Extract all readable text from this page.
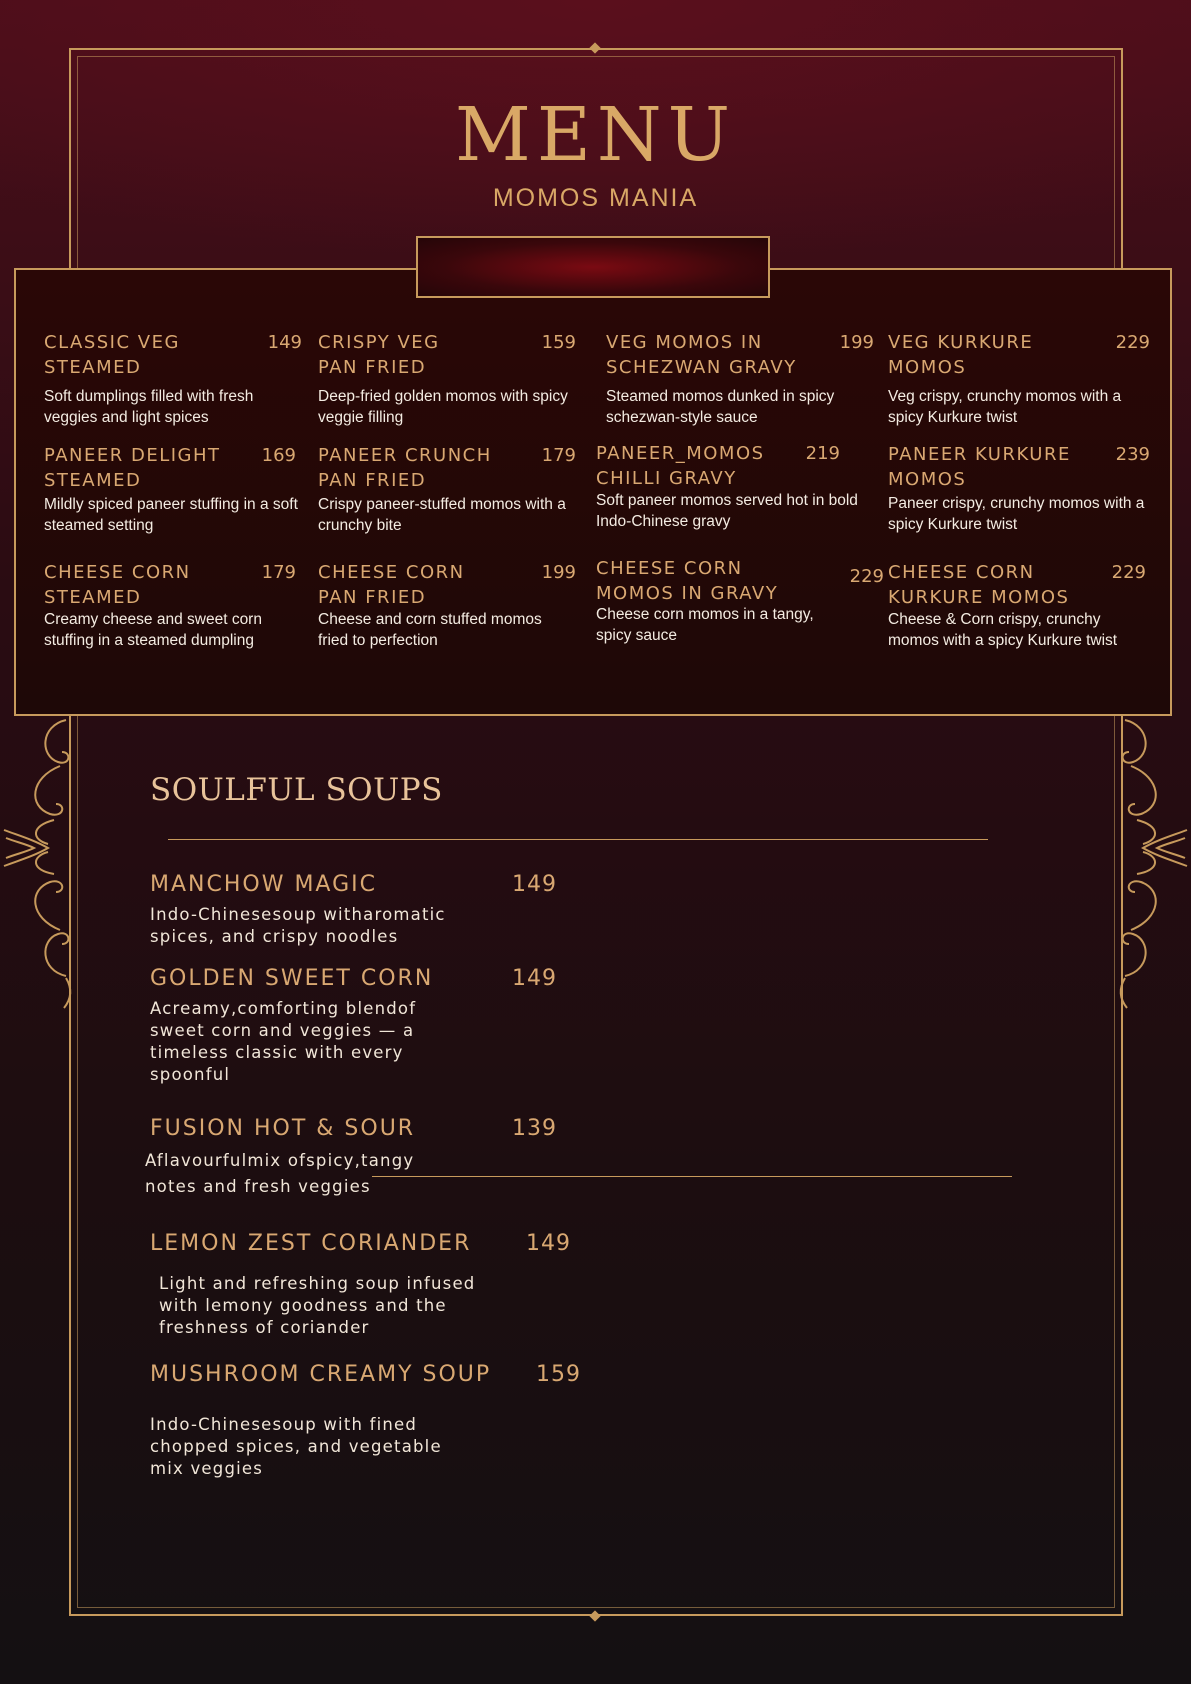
MENU
MOMOS MANIA
CLASSIC VEG
STEAMED
149
Soft dumplings filled with fresh veggies and light spices
CRISPY VEG
PAN FRIED
159
Deep-fried golden momos with spicy veggie filling
VEG MOMOS IN
SCHEZWAN GRAVY
199
Steamed momos dunked in spicy schezwan-style sauce
VEG KURKURE
MOMOS
229
Veg crispy, crunchy momos with a spicy Kurkure twist
PANEER DELIGHT
STEAMED
169
Mildly spiced paneer stuffing in a soft steamed setting
PANEER CRUNCH
PAN FRIED
179
Crispy paneer-stuffed momos with a crunchy bite
PANEER_MOMOS
CHILLI GRAVY
219
Soft paneer momos served hot in bold Indo-Chinese gravy
PANEER KURKURE
MOMOS
239
Paneer crispy, crunchy momos with a spicy Kurkure twist
CHEESE CORN
STEAMED
179
Creamy cheese and sweet corn stuffing in a steamed dumpling
CHEESE CORN
PAN FRIED
199
Cheese and corn stuffed momos fried to perfection
CHEESE CORN
MOMOS IN GRAVY
229
Cheese corn momos in a tangy, spicy sauce
CHEESE CORN
KURKURE MOMOS
229
Cheese & Corn crispy, crunchy momos with a spicy Kurkure twist
SOULFUL SOUPS
MANCHOW MAGIC	149
Indo-Chinesesoup witharomatic spices, and crispy noodles
GOLDEN SWEET CORN	149
Acreamy,comforting blendof sweet corn and veggies — a timeless classic with every spoonful
FUSION HOT & SOUR	139
Aflavourfulmix ofspicy,tangy notes and fresh veggies
LEMON ZEST CORIANDER 149
Light and refreshing soup infused with lemony goodness and the freshness of coriander
MUSHROOM CREAMY SOUP 159
Indo-Chinesesoup with fined chopped spices, and vegetable mix veggies
